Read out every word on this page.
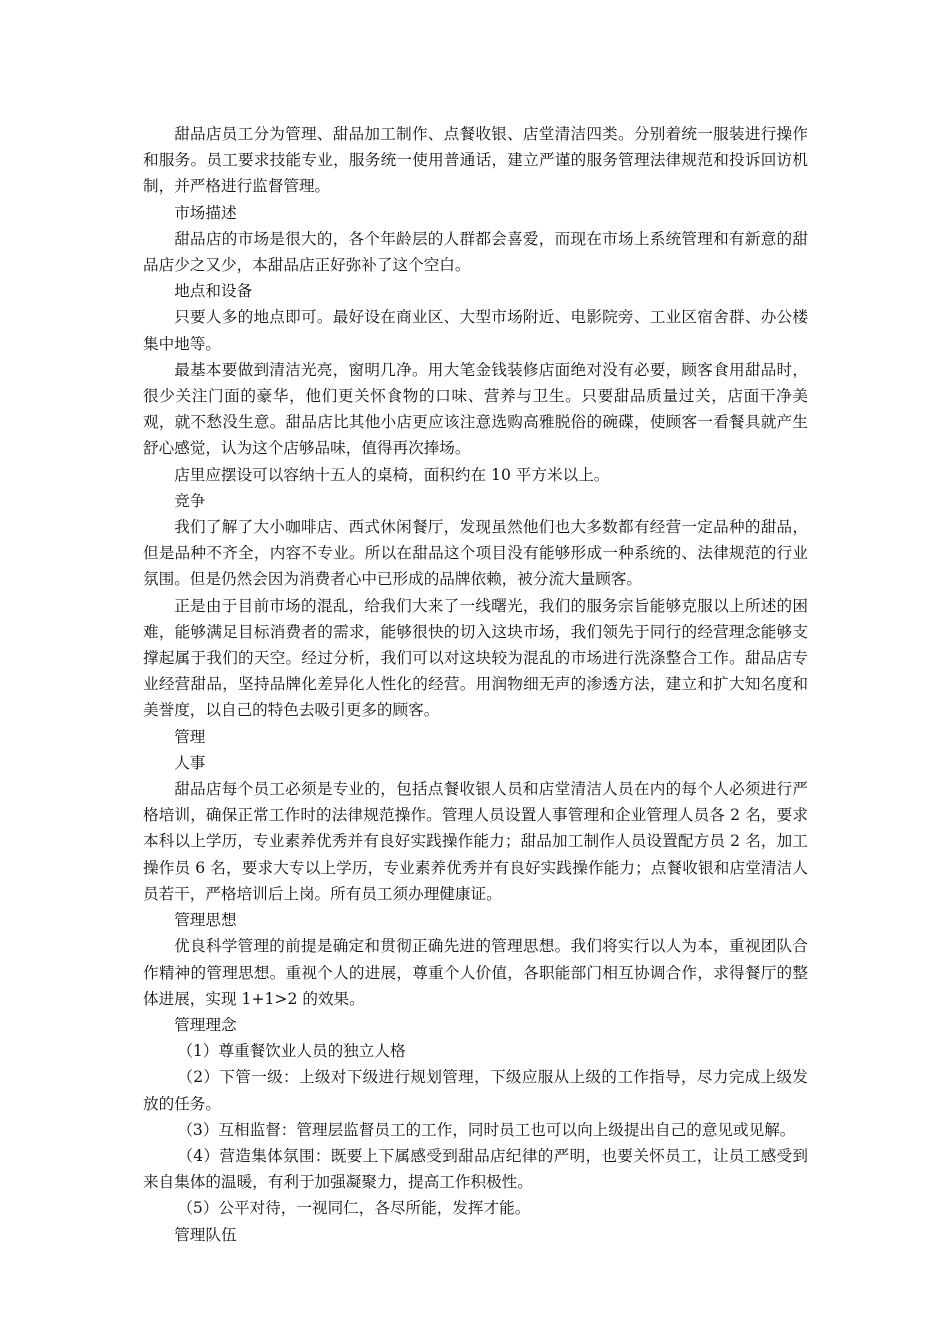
甜品店员工分为管理、甜品加工制作、点餐收银、店堂清洁四类。分别着统一服装进行操作和服务。员工要求技能专业，服务统一使用普通话，建立严谨的服务管理法律规范和投诉回访机制，并严格进行监督管理。

市场描述

甜品店的市场是很大的，各个年龄层的人群都会喜爱，而现在市场上系统管理和有新意的甜品店少之又少，本甜品店正好弥补了这个空白。

地点和设备

只要人多的地点即可。最好设在商业区、大型市场附近、电影院旁、工业区宿舍群、办公楼集中地等。

最基本要做到清洁光亮，窗明几净。用大笔金钱装修店面绝对没有必要，顾客食用甜品时，很少关注门面的豪华，他们更关怀食物的口味、营养与卫生。只要甜品质量过关，店面干净美观，就不愁没生意。甜品店比其他小店更应该注意选购高雅脱俗的碗碟，使顾客一看餐具就产生舒心感觉，认为这个店够品味，值得再次捧场。

店里应摆设可以容纳十五人的桌椅，面积约在 10 平方米以上。

竞争

我们了解了大小咖啡店、西式休闲餐厅，发现虽然他们也大多数都有经营一定品种的甜品，但是品种不齐全，内容不专业。所以在甜品这个项目没有能够形成一种系统的、法律规范的行业氛围。但是仍然会因为消费者心中已形成的品牌依赖，被分流大量顾客。

正是由于目前市场的混乱，给我们大来了一线曙光，我们的服务宗旨能够克服以上所述的困难，能够满足目标消费者的需求，能够很快的切入这块市场，我们领先于同行的经营理念能够支撑起属于我们的天空。经过分析，我们可以对这块较为混乱的市场进行洗涤整合工作。甜品店专业经营甜品，坚持品牌化差异化人性化的经营。用润物细无声的渗透方法，建立和扩大知名度和美誉度，以自己的特色去吸引更多的顾客。

管理

人事

甜品店每个员工必须是专业的，包括点餐收银人员和店堂清洁人员在内的每个人必须进行严格培训，确保正常工作时的法律规范操作。管理人员设置人事管理和企业管理人员各 2 名，要求本科以上学历，专业素养优秀并有良好实践操作能力；甜品加工制作人员设置配方员 2 名，加工操作员 6 名，要求大专以上学历，专业素养优秀并有良好实践操作能力；点餐收银和店堂清洁人员若干，严格培训后上岗。所有员工须办理健康证。

管理思想

优良科学管理的前提是确定和贯彻正确先进的管理思想。我们将实行以人为本，重视团队合作精神的管理思想。重视个人的进展，尊重个人价值，各职能部门相互协调合作，求得餐厅的整体进展，实现 1+1>2 的效果。

管理理念

（1）尊重餐饮业人员的独立人格

（2）下管一级：上级对下级进行规划管理，下级应服从上级的工作指导，尽力完成上级发放的任务。

（3）互相监督：管理层监督员工的工作，同时员工也可以向上级提出自己的意见或见解。

（4）营造集体氛围：既要上下属感受到甜品店纪律的严明，也要关怀员工，让员工感受到来自集体的温暖，有利于加强凝聚力，提高工作积极性。

（5）公平对待，一视同仁，各尽所能，发挥才能。

管理队伍
